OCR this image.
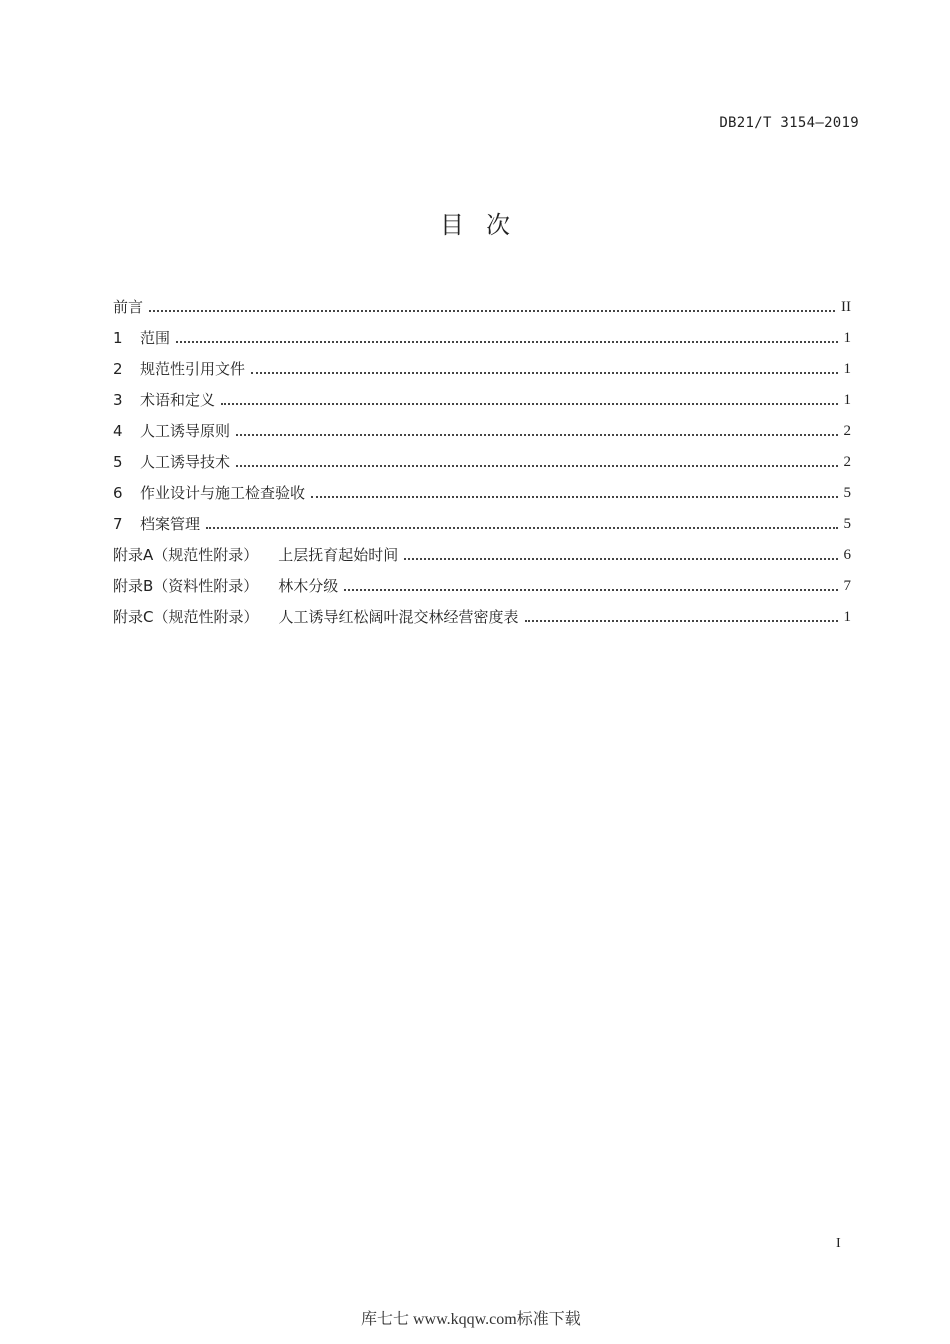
DB21/T 3154—2019
目次
前言	II
1 范围	1
2 规范性引用文件	1
3 术语和定义	1
4 人工诱导原则	2
5 人工诱导技术	2
6 作业设计与施工检查验收	5
7 档案管理	5
附录A（规范性附录） 上层抚育起始时间	6
附录B（资料性附录） 林木分级	7
附录C（规范性附录） 人工诱导红松阔叶混交林经营密度表	1
I
库七七 www.kqqw.com标准下载
